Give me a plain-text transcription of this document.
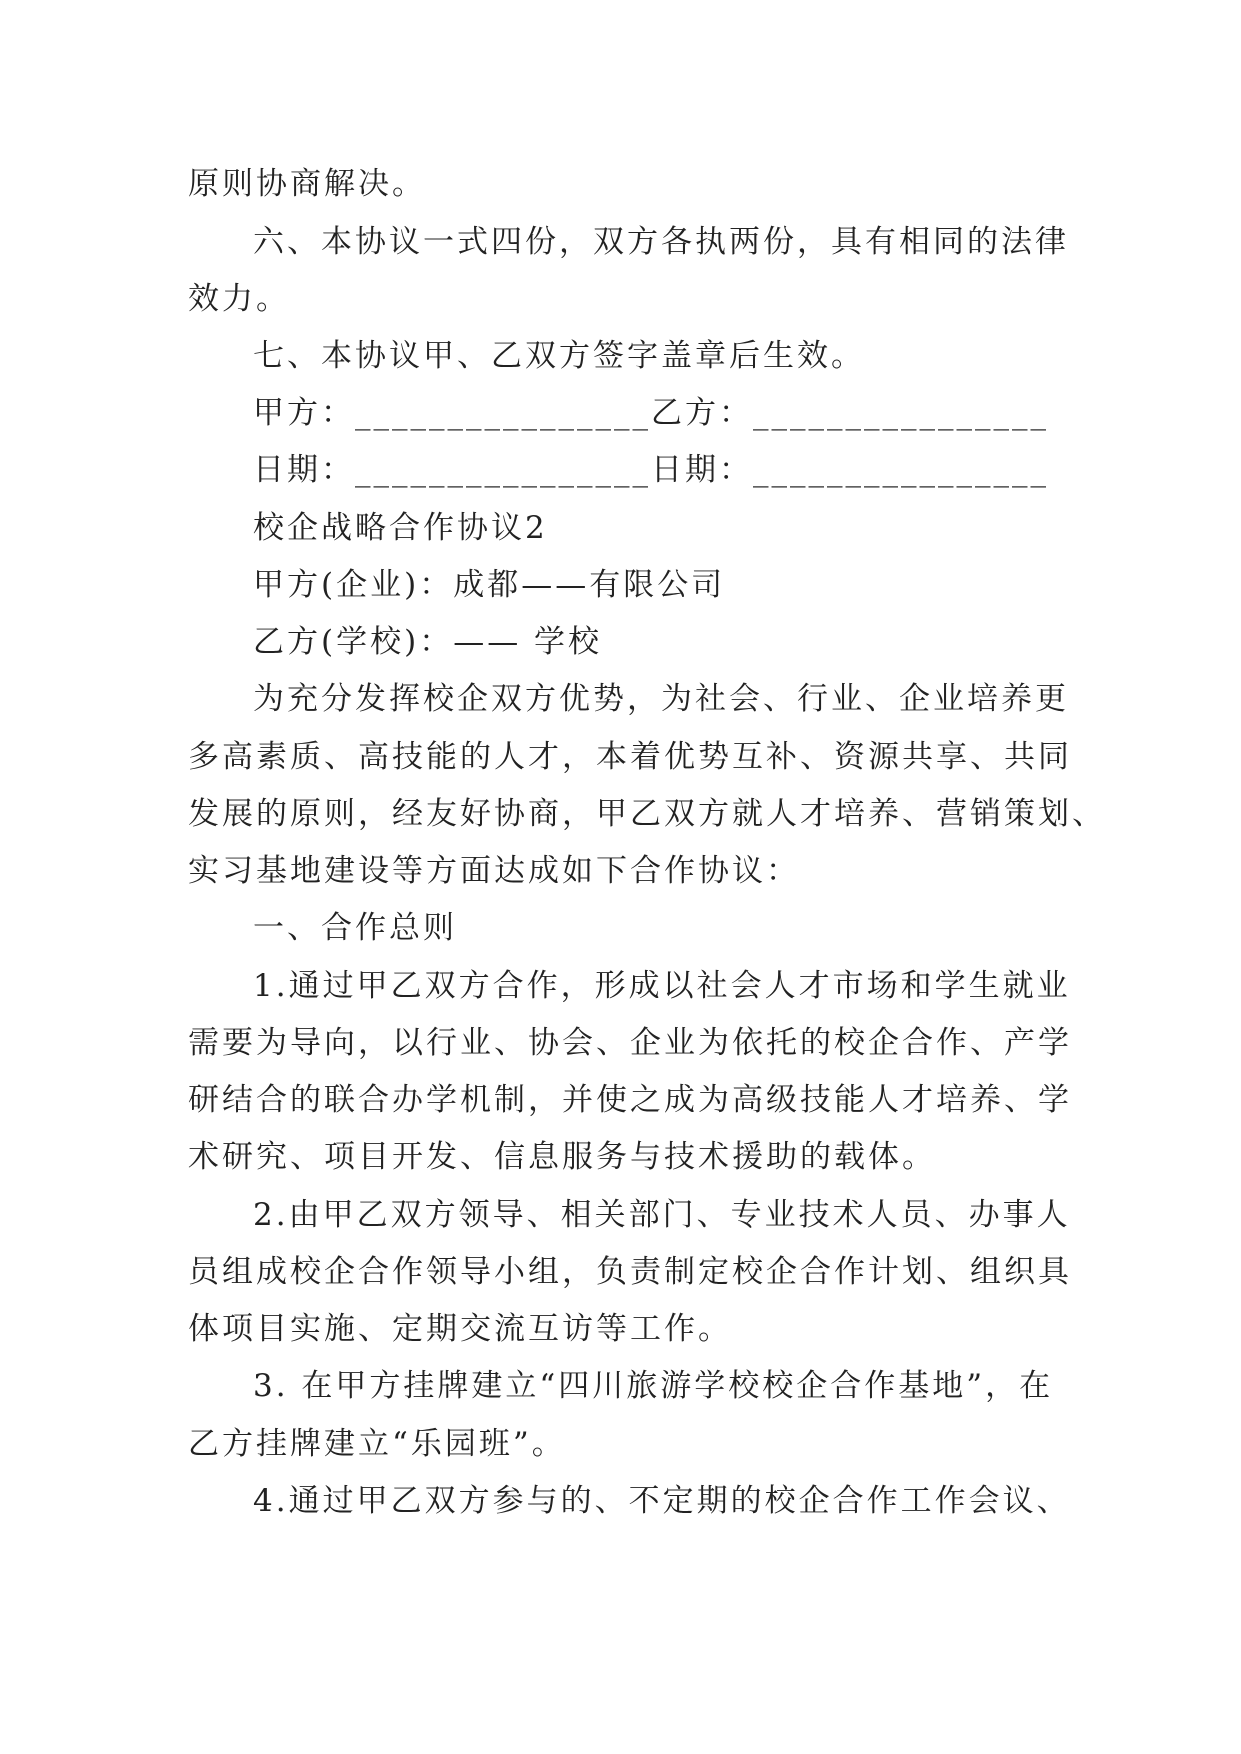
原则协商解决。
六、本协议一式四份，双方各执两份，具有相同的法律
效力。
七、本协议甲、乙双方签字盖章后生效。
甲方：________________乙方：________________
日期：________________日期：________________
校企战略合作协议2
甲方(企业)：成都——有限公司
乙方(学校)：—— 学校
为充分发挥校企双方优势，为社会、行业、企业培养更
多高素质、高技能的人才，本着优势互补、资源共享、共同
发展的原则，经友好协商，甲乙双方就人才培养、营销策划、
实习基地建设等方面达成如下合作协议：
一、合作总则
1.通过甲乙双方合作，形成以社会人才市场和学生就业
需要为导向，以行业、协会、企业为依托的校企合作、产学
研结合的联合办学机制，并使之成为高级技能人才培养、学
术研究、项目开发、信息服务与技术援助的载体。
2.由甲乙双方领导、相关部门、专业技术人员、办事人
员组成校企合作领导小组，负责制定校企合作计划、组织具
体项目实施、定期交流互访等工作。
3. 在甲方挂牌建立“四川旅游学校校企合作基地”，在
乙方挂牌建立“乐园班”。
4.通过甲乙双方参与的、不定期的校企合作工作会议、
